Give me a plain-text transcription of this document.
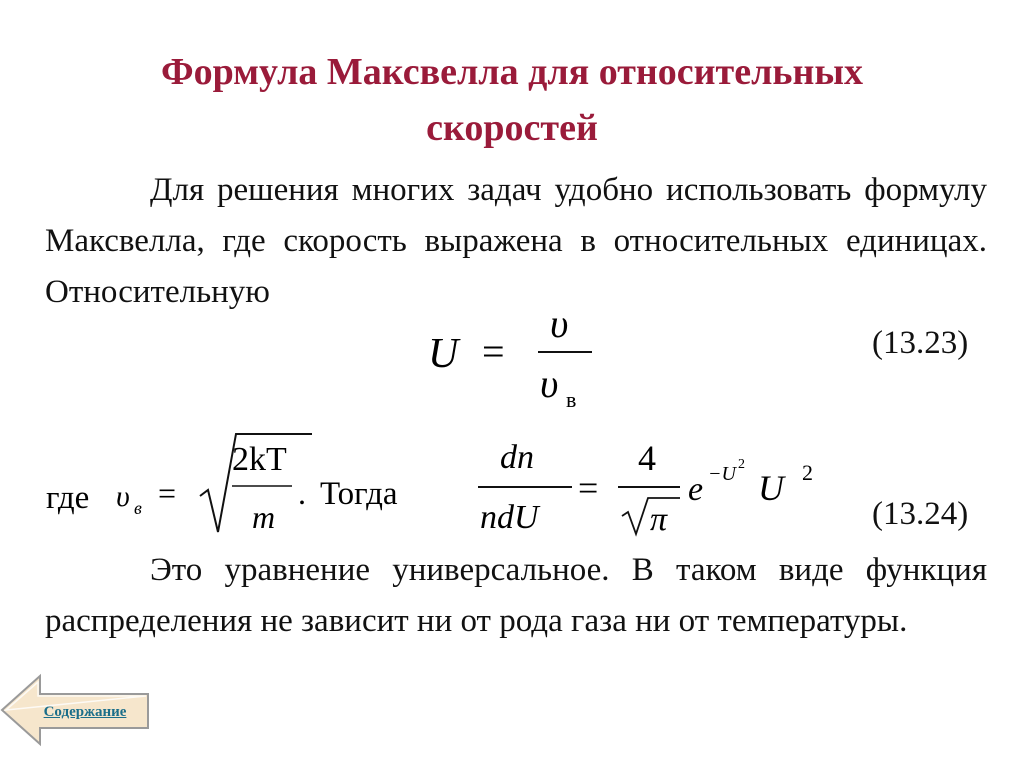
Формула Максвелла для относительных
скоростей
Для решения многих задач удобно использовать формулу Максвелла, где скорость выражена в относительных единицах. Относительную
U =
υ
υ в
(13.23)
где υ в =
2kT
m
. Тогда
dn
ndU
=
4
π
e −U 2
U 2
(13.24)
Это уравнение универсальное. В таком виде функция распределения не зависит ни от рода газа ни от температуры.
Содержание
